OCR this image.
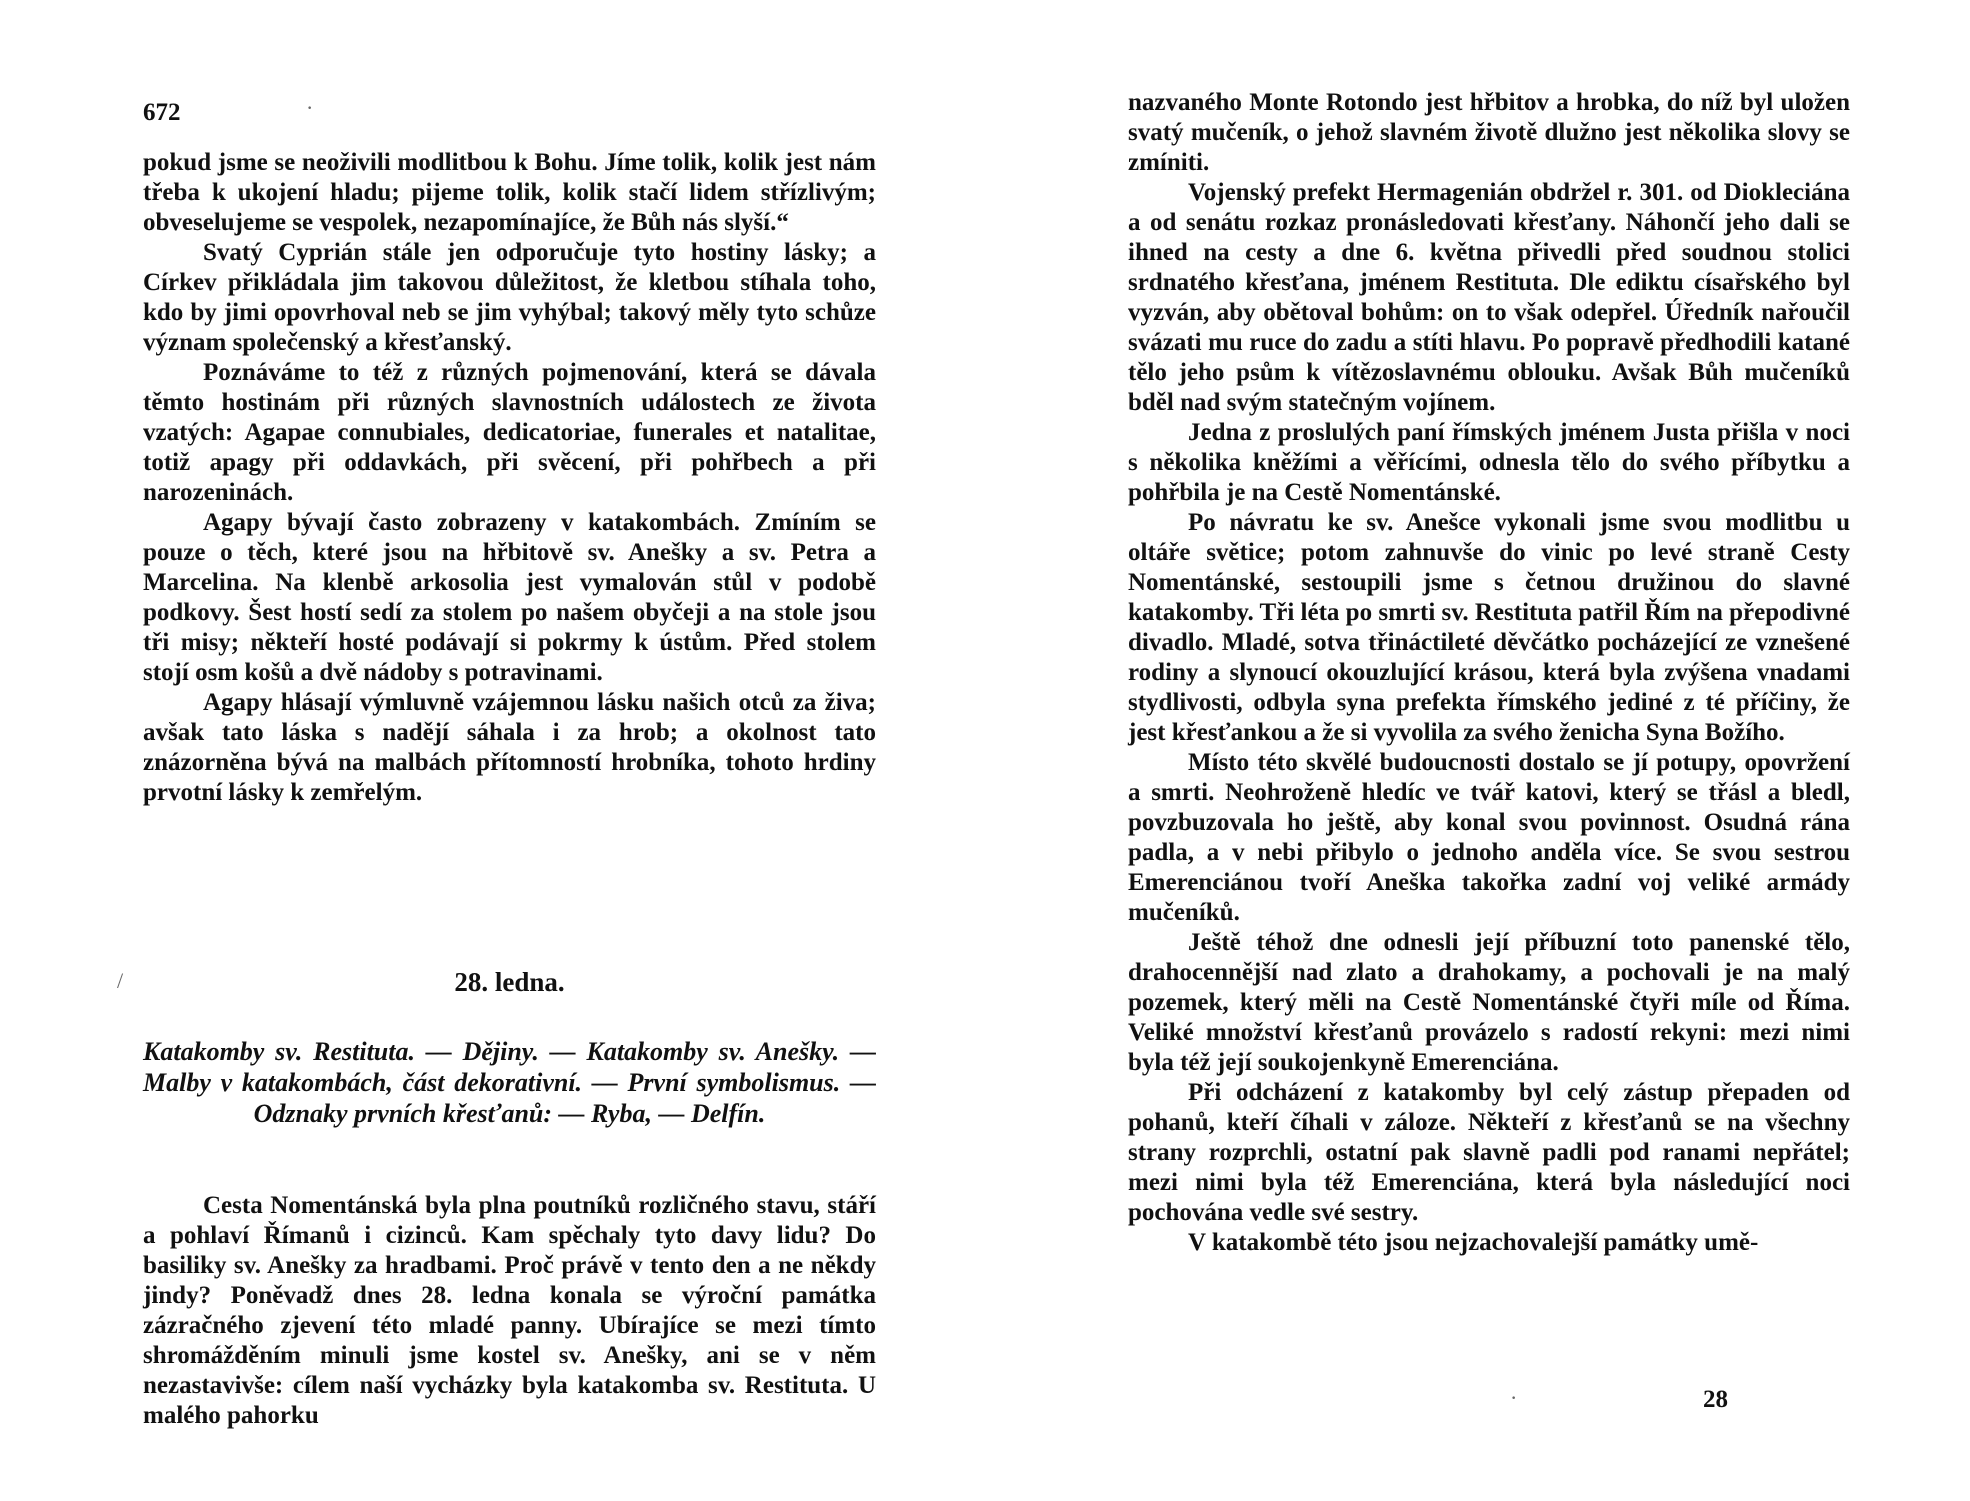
672

pokud jsme se neoživili modlitbou k Bohu. Jíme tolik, kolik jest nám třeba k ukojení hladu; pijeme tolik, kolik stačí lidem střízlivým; obveselujeme se vespolek, nezapomínajíce, že Bůh nás slyší.“

Svatý Cyprián stále jen odporučuje tyto hostiny lásky; a Církev přikládala jim takovou důležitost, že kletbou stíhala toho, kdo by jimi opovrhoval neb se jim vyhýbal; takový měly tyto schůze význam společenský a křesťanský.

Poznáváme to též z různých pojmenování, která se dávala těmto hostinám při různých slavnostních událostech ze života vzatých: Agapae connubiales, dedicatoriae, funerales et natalitae, totiž apagy při oddavkách, při svěcení, při pohřbech a při narozeninách.

Agapy bývají často zobrazeny v katakombách. Zmíním se pouze o těch, které jsou na hřbitově sv. Anešky a sv. Petra a Marcelina. Na klenbě arkosolia jest vymalován stůl v podobě podkovy. Šest hostí sedí za stolem po našem obyčeji a na stole jsou tři misy; někteří hosté podávají si pokrmy k ústům. Před stolem stojí osm košů a dvě nádoby s potravinami.

Agapy hlásají výmluvně vzájemnou lásku našich otců za živa; avšak tato láska s nadějí sáhala i za hrob; a okolnost tato znázorněna bývá na malbách přítomností hrobníka, tohoto hrdiny prvotní lásky k zemřelým.

28. ledna.
Katakomby sv. Restituta. — Dějiny. — Katakomby sv. Anešky. — Malby v katakombách, část dekorativní. — První symbolismus. — Odznaky prvních křesťanů: — Ryba, — Delfín.

Cesta Nomentánská byla plna poutníků rozličného stavu, stáří a pohlaví Římanů i cizinců. Kam spěchaly tyto davy lidu? Do basiliky sv. Anešky za hradbami. Proč právě v tento den a ne někdy jindy? Poněvadž dnes 28. ledna konala se výroční památka zázračného zjevení této mladé panny. Ubírajíce se mezi tímto shromážděním minuli jsme kostel sv. Anešky, ani se v něm nezastavivše: cílem naší vycházky byla katakomba sv. Restituta. U malého pahorku

nazvaného Monte Rotondo jest hřbitov a hrobka, do níž byl uložen svatý mučeník, o jehož slavném životě dlužno jest několika slovy se zmíniti.

Vojenský prefekt Hermagenián obdržel r. 301. od Diokleciána a od senátu rozkaz pronásledovati křesťany. Náhončí jeho dali se ihned na cesty a dne 6. května přivedli před soudnou stolici srdnatého křesťana, jménem Restituta. Dle ediktu císařského byl vyzván, aby obětoval bohům: on to však odepřel. Úředník nařoučil svázati mu ruce do zadu a stíti hlavu. Po popravě předhodili katané tělo jeho psům k vítězoslavnému oblouku. Avšak Bůh mučeníků bděl nad svým statečným vojínem.

Jedna z proslulých paní římských jménem Justa přišla v noci s několika kněžími a věřícími, odnesla tělo do svého příbytku a pohřbila je na Cestě Nomentánské.

Po návratu ke sv. Anešce vykonali jsme svou modlitbu u oltáře světice; potom zahnuvše do vinic po levé straně Cesty Nomentánské, sestoupili jsme s četnou družinou do slavné katakomby. Tři léta po smrti sv. Restituta patřil Řím na přepodivné divadlo. Mladé, sotva třináctileté děvčátko pocházející ze vznešené rodiny a slynoucí okouzlující krásou, která byla zvýšena vnadami stydlivosti, odbyla syna prefekta římského jediné z té příčiny, že jest křesťankou a že si vyvolila za svého ženicha Syna Božího.

Místo této skvělé budoucnosti dostalo se jí potupy, opovržení a smrti. Neohroženě hledíc ve tvář katovi, který se třásl a bledl, povzbuzovala ho ještě, aby konal svou povinnost. Osudná rána padla, a v nebi přibylo o jednoho anděla více. Se svou sestrou Emerenciánou tvoří Aneška takořka zadní voj veliké armády mučeníků.

Ještě téhož dne odnesli její příbuzní toto panenské tělo, drahocennější nad zlato a drahokamy, a pochovali je na malý pozemek, který měli na Cestě Nomentánské čtyři míle od Říma. Veliké množství křesťanů provázelo s radostí rekyni: mezi nimi byla též její soukojenkyně Emerenciána.

Při odcházení z katakomby byl celý zástup přepaden od pohanů, kteří číhali v záloze. Někteří z křesťanů se na všechny strany rozprchli, ostatní pak slavně padli pod ranami nepřátel; mezi nimi byla též Emerenciána, která byla následující noci pochována vedle své sestry.

V katakombě této jsou nejzachovalejší památky umě-

28
·
/
·
